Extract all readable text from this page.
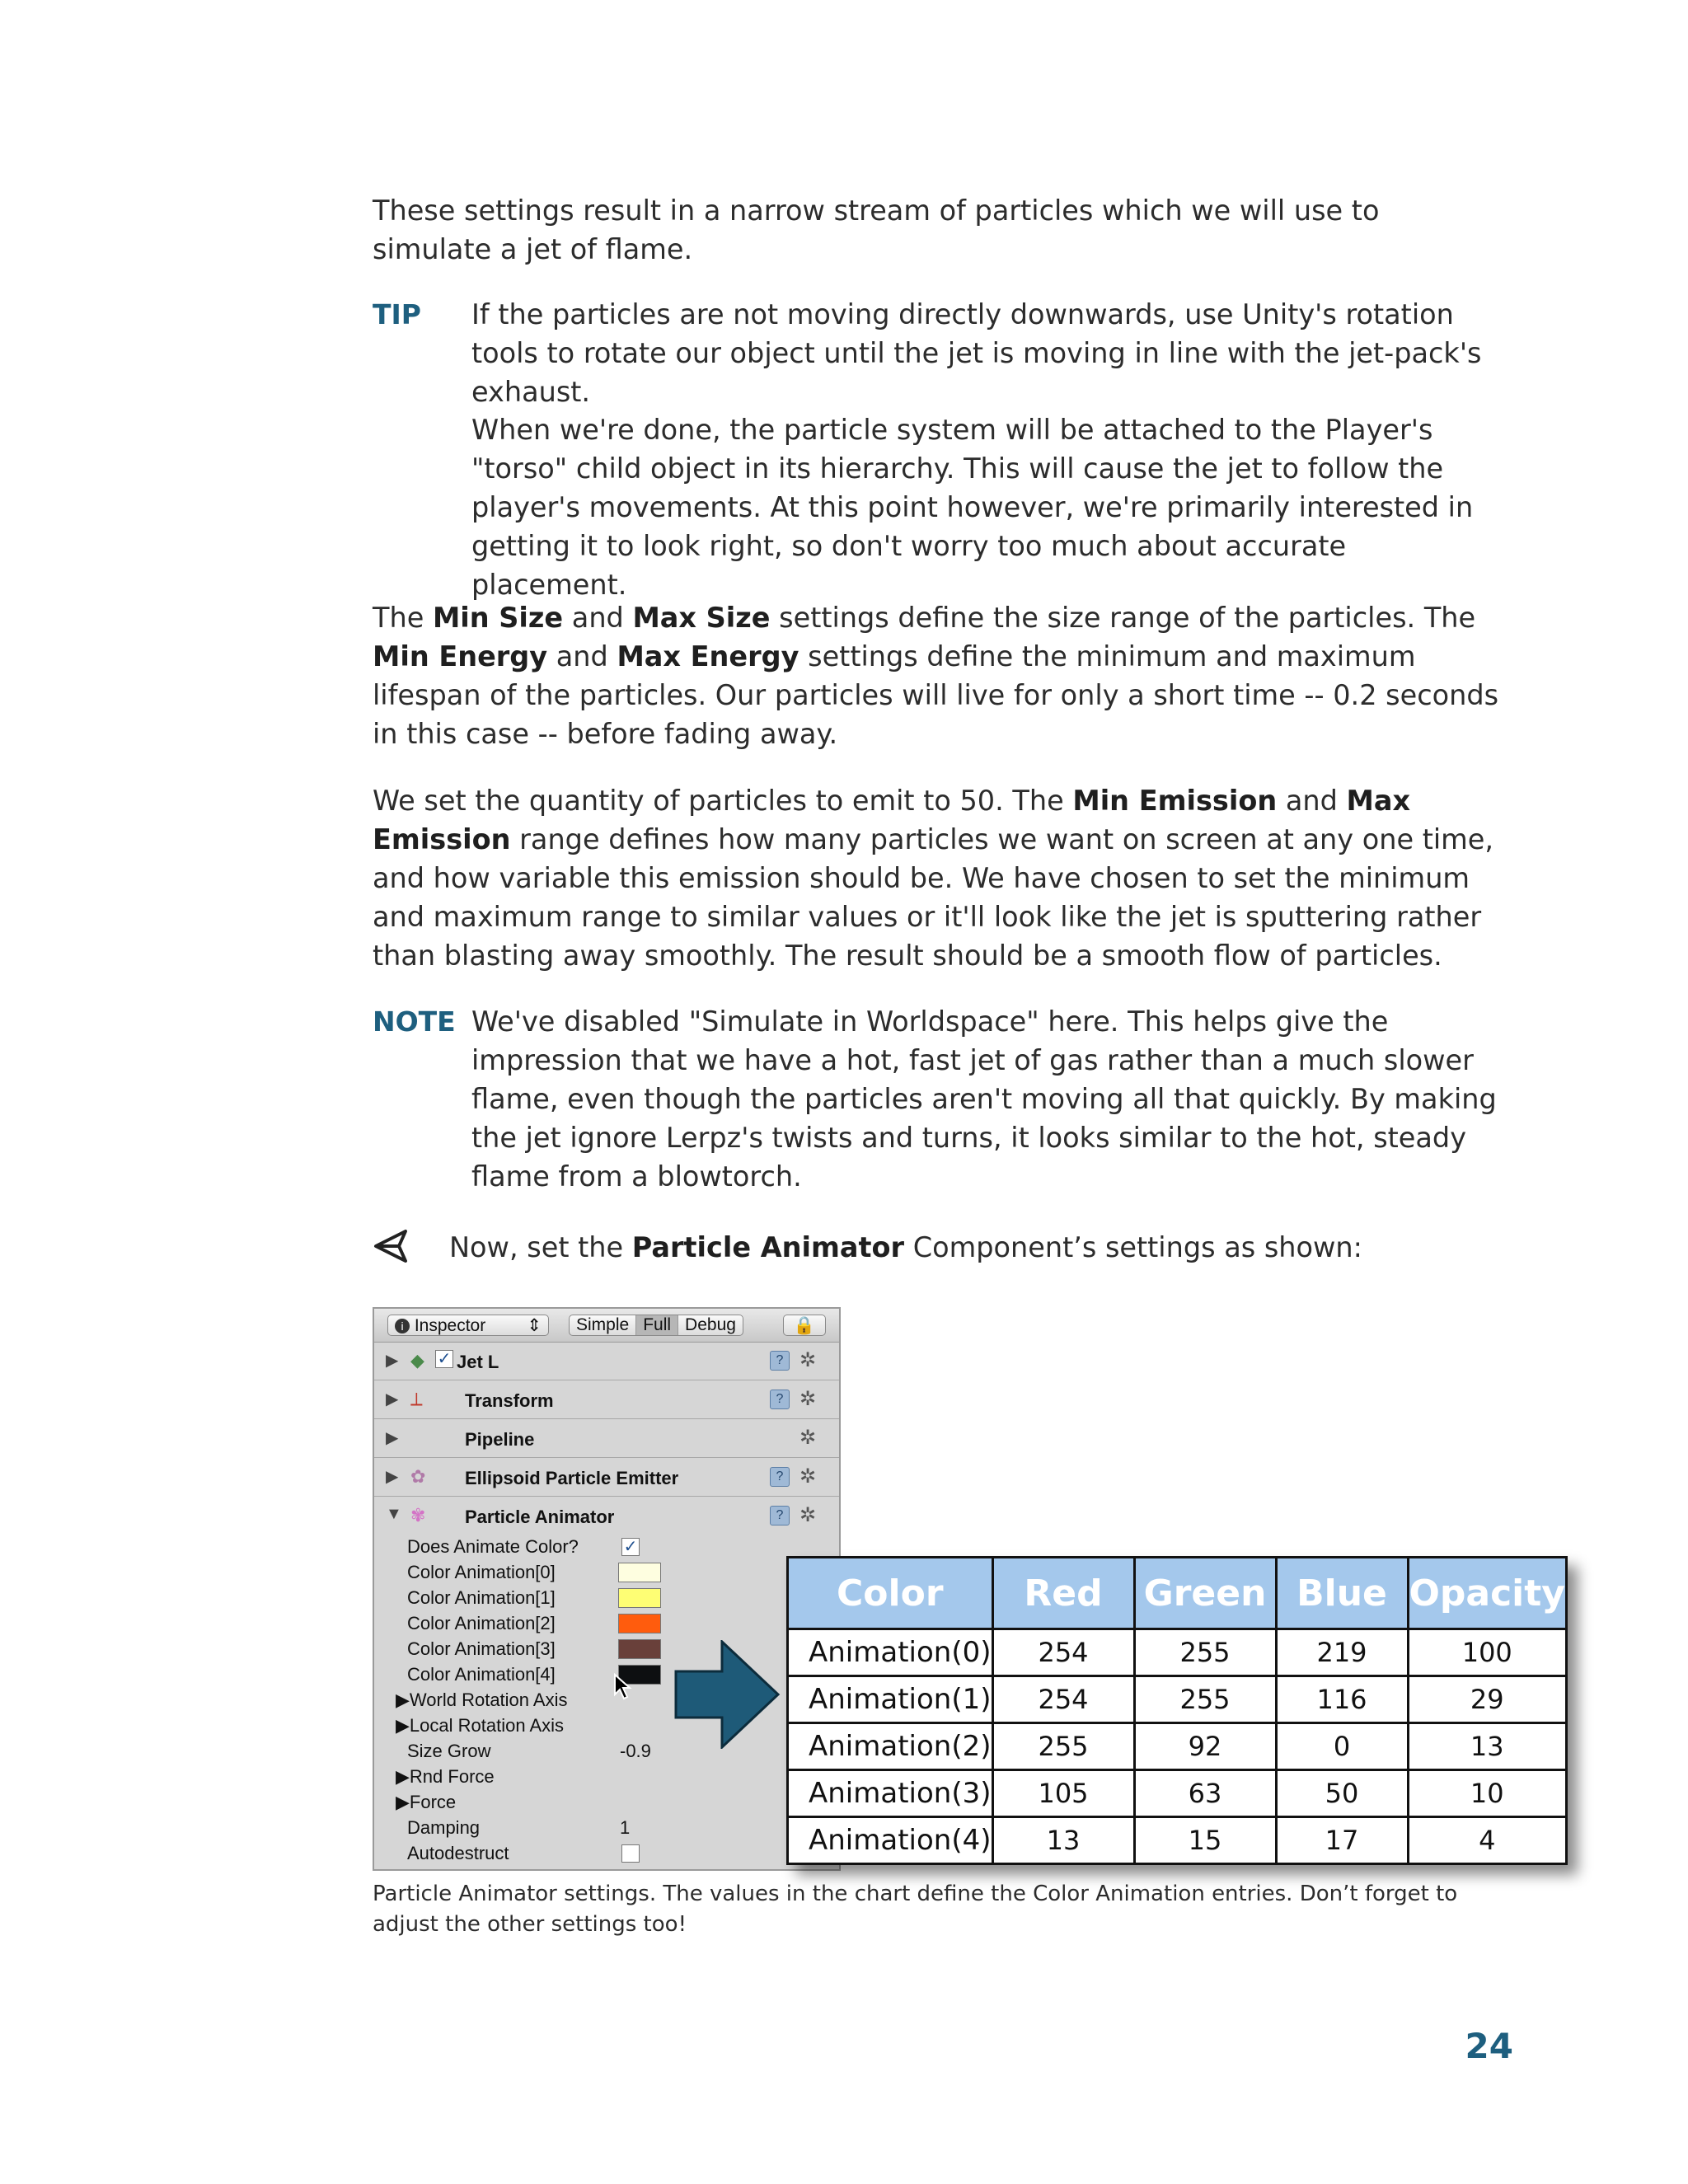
These settings result in a narrow stream of particles which we will use to simulate a jet of flame.

TIP If the particles are not moving directly downwards, use Unity's rotation tools to rotate our object until the jet is moving in line with the jet-pack's exhaust.

When we're done, the particle system will be attached to the Player's "torso" child object in its hierarchy. This will cause the jet to follow the player's movements. At this point however, we're primarily interested in getting it to look right, so don't worry too much about accurate placement.

The Min Size and Max Size settings define the size range of the particles. The Min Energy and Max Energy settings define the minimum and maximum lifespan of the particles. Our particles will live for only a short time -- 0.2 seconds in this case -- before fading away.

We set the quantity of particles to emit to 50. The Min Emission and Max Emission range defines how many particles we want on screen at any one time, and how variable this emission should be. We have chosen to set the minimum and maximum range to similar values or it'll look like the jet is sputtering rather than blasting away smoothly. The result should be a smooth flow of particles.

NOTE We've disabled "Simulate in Worldspace" here. This helps give the impression that we have a hot, fast jet of gas rather than a much slower flame, even though the particles aren't moving all that quickly. By making the jet ignore Lerpz's twists and turns, it looks similar to the hot, steady flame from a blowtorch.

Now, set the Particle Animator Component’s settings as shown:

i Inspector ⇕	Simple Full Debug	🔒
▶ ◆ ✓ Jet L	? ✲
▶ ⟂ Transform	? ✲
▶	Pipeline	✲
▶ ✿ Ellipsoid Particle Emitter	? ✲
▼ ✾ Particle Animator	? ✲
Does Animate Color?	✓
Color Animation[0]
Color Animation[1]
Color Animation[2]
Color Animation[3]
Color Animation[4]
▶World Rotation Axis
▶Local Rotation Axis
Size Grow	-0.9
▶Rnd Force
▶Force
Damping	1
Autodestruct
Color	Red	Green	Blue	Opacity
Animation(0)	254	255	219	100
Animation(1)	254	255	116	29
Animation(2)	255	92	0	13
Animation(3)	105	63	50	10
Animation(4)	13	15	17	4

Particle Animator settings. The values in the chart define the Color Animation entries. Don’t forget to adjust the other settings too!

24
